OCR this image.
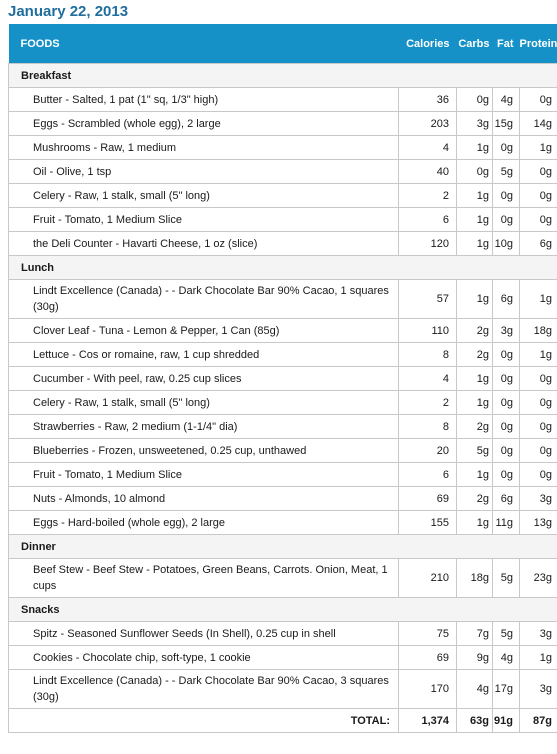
January 22, 2013
FOODS	Calories	Carbs	Fat	Protein
Breakfast				
Butter - Salted, 1 pat (1" sq, 1/3" high)	36	0g	4g	0g
Eggs - Scrambled (whole egg), 2 large	203	3g	15g	14g
Mushrooms - Raw, 1 medium	4	1g	0g	1g
Oil - Olive, 1 tsp	40	0g	5g	0g
Celery - Raw, 1 stalk, small (5" long)	2	1g	0g	0g
Fruit - Tomato, 1 Medium Slice	6	1g	0g	0g
the Deli Counter - Havarti Cheese, 1 oz (slice)	120	1g	10g	6g
Lunch				
Lindt Excellence (Canada) - - Dark Chocolate Bar 90% Cacao, 1 squares (30g)	57	1g	6g	1g
Clover Leaf - Tuna - Lemon & Pepper, 1 Can (85g)	110	2g	3g	18g
Lettuce - Cos or romaine, raw, 1 cup shredded	8	2g	0g	1g
Cucumber - With peel, raw, 0.25 cup slices	4	1g	0g	0g
Celery - Raw, 1 stalk, small (5" long)	2	1g	0g	0g
Strawberries - Raw, 2 medium (1-1/4" dia)	8	2g	0g	0g
Blueberries - Frozen, unsweetened, 0.25 cup, unthawed	20	5g	0g	0g
Fruit - Tomato, 1 Medium Slice	6	1g	0g	0g
Nuts - Almonds, 10 almond	69	2g	6g	3g
Eggs - Hard-boiled (whole egg), 2 large	155	1g	11g	13g
Dinner				
Beef Stew - Beef Stew - Potatoes, Green Beans, Carrots. Onion, Meat, 1 cups	210	18g	5g	23g
Snacks				
Spitz - Seasoned Sunflower Seeds (In Shell), 0.25 cup in shell	75	7g	5g	3g
Cookies - Chocolate chip, soft-type, 1 cookie	69	9g	4g	1g
Lindt Excellence (Canada) - - Dark Chocolate Bar 90% Cacao, 3 squares (30g)	170	4g	17g	3g
TOTAL:	1,374	63g	91g	87g
